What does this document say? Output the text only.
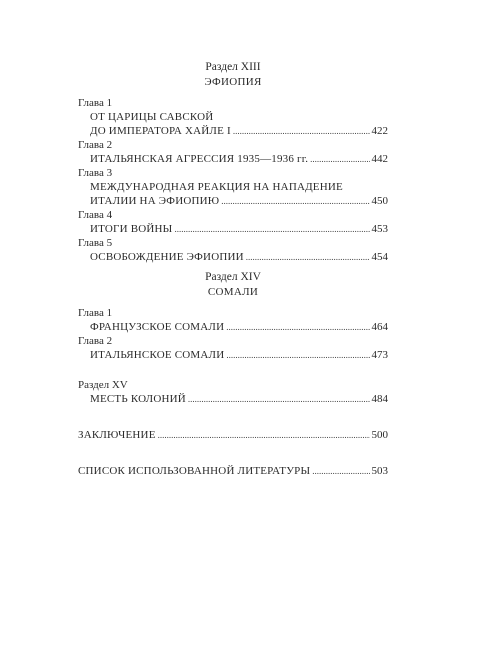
Раздел XIII
ЭФИОПИЯ
Глава 1
ОТ ЦАРИЦЫ САВСКОЙ
ДО ИМПЕРАТОРА ХАЙЛЕ I .....	422
Глава 2
ИТАЛЬЯНСКАЯ АГРЕССИЯ 1935—1936 гг. .....	442
Глава 3
МЕЖДУНАРОДНАЯ РЕАКЦИЯ НА НАПАДЕНИЕ
ИТАЛИИ НА ЭФИОПИЮ .....	450
Глава 4
ИТОГИ ВОЙНЫ .....	453
Глава 5
ОСВОБОЖДЕНИЕ ЭФИОПИИ .....	454
Раздел XIV
СОМАЛИ
Глава 1
ФРАНЦУЗСКОЕ СОМАЛИ .....	464
Глава 2
ИТАЛЬЯНСКОЕ СОМАЛИ .....	473
Раздел XV
МЕСТЬ КОЛОНИЙ .....	484
ЗАКЛЮЧЕНИЕ .....	500
СПИСОК ИСПОЛЬЗОВАННОЙ ЛИТЕРАТУРЫ .....	503
